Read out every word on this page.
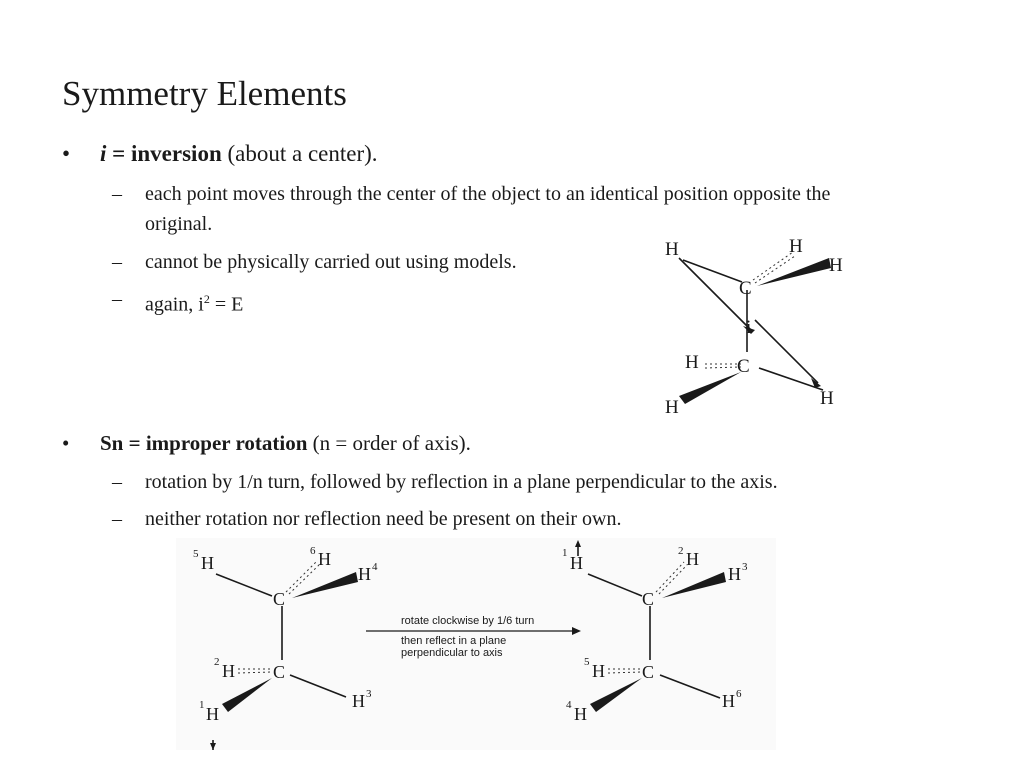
Symmetry Elements
• i = inversion (about a center).
– each point moves through the center of the object to an identical position opposite the original.
– cannot be physically carried out using models.
– again, $i^2 = E$
H	H
H
C
i
H C
H	H
• Sn = improper rotation (n = order of axis).
– rotation by 1/n turn, followed by reflection in a plane perpendicular to the axis.
– neither rotation nor reflection need be present on their own.
5 H
6 H
H 4
C
2 H C
1 H
H 3
rotate clockwise by 1/6 turn
then reflect in a plane
perpendicular to axis
1 H
2 H
H 3
C
5 H C
4 H
H 6
